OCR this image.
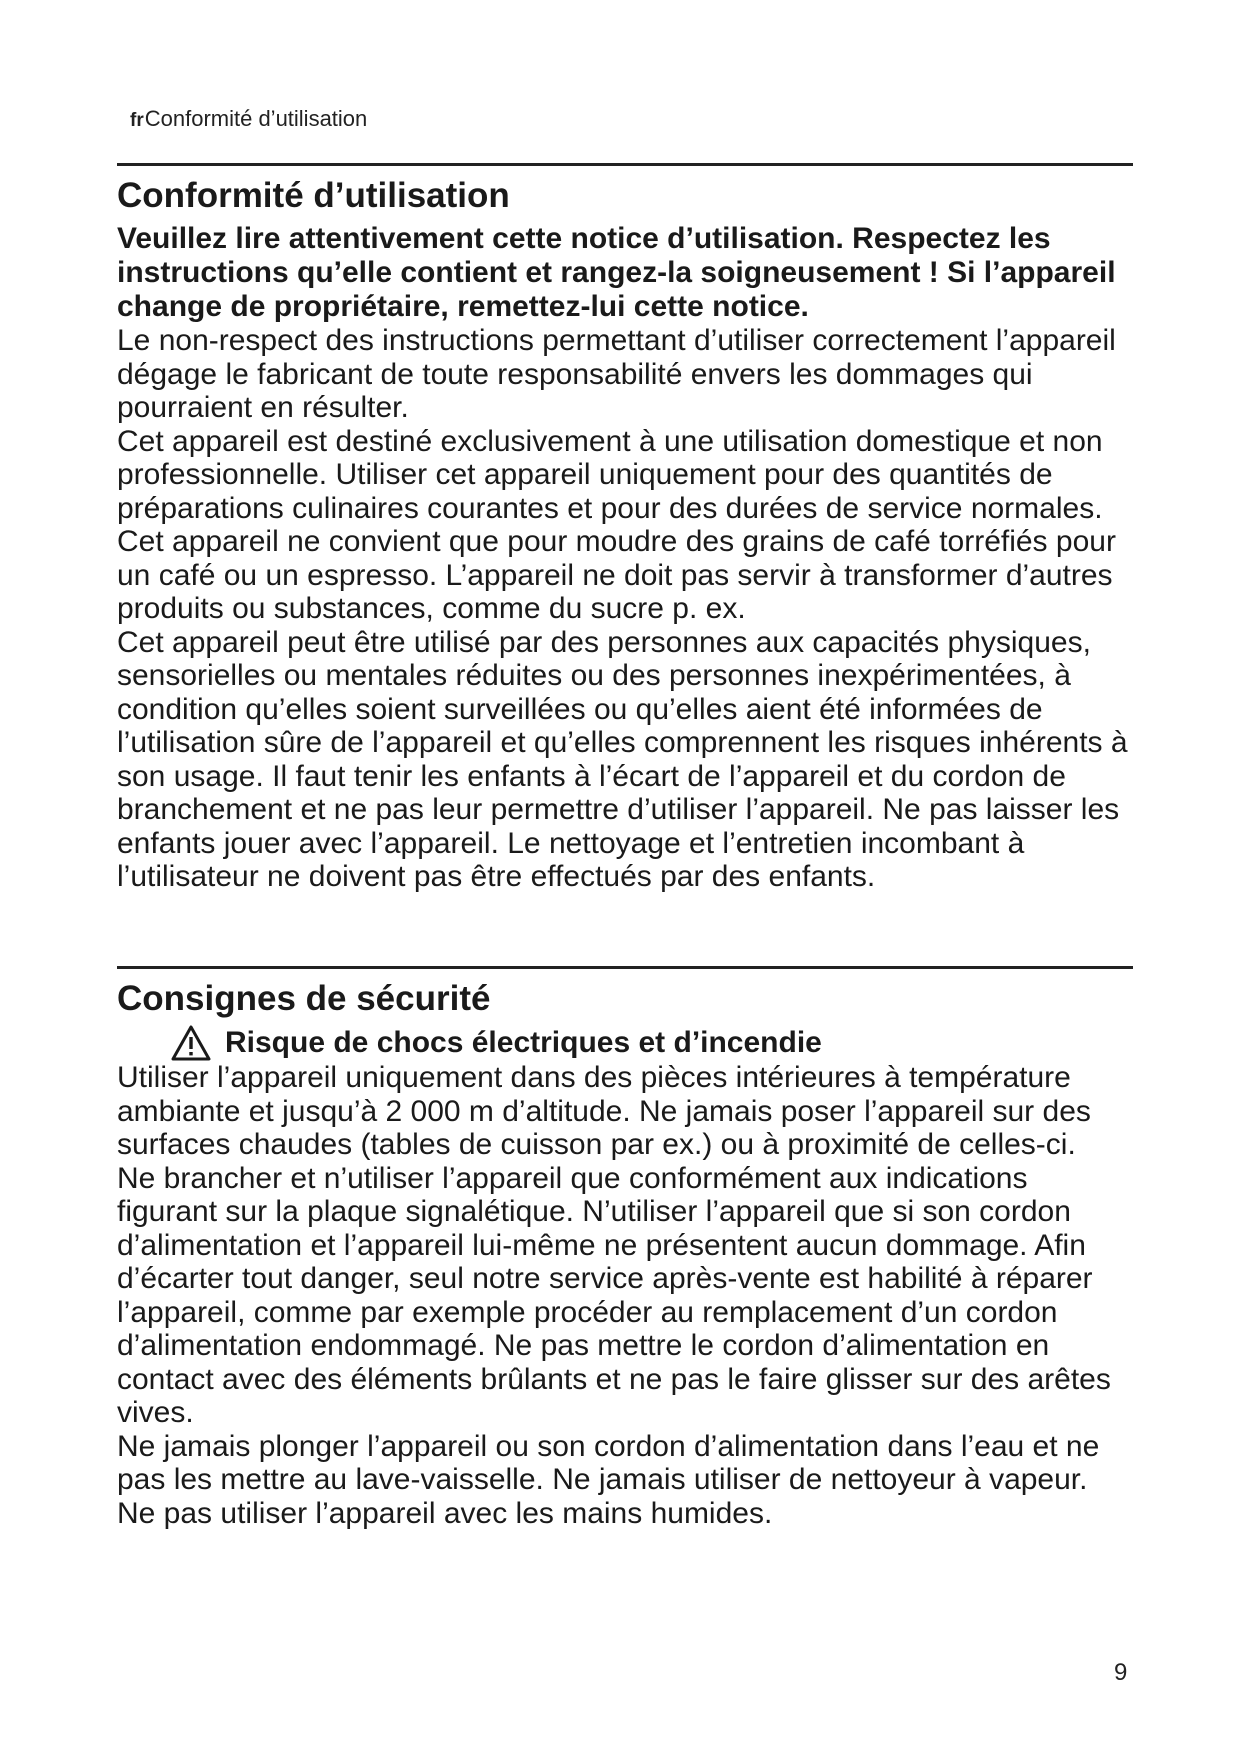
frConformité d’utilisation
Conformité d’utilisation

Veuillez lire attentivement cette notice d’utilisation. Respectez les instructions qu’elle contient et rangez-la soigneusement ! Si l’appareil change de propriétaire, remettez-lui cette notice.

Le non-respect des instructions permettant d’utiliser correctement l’appareil dégage le fabricant de toute responsabilité envers les dommages qui pourraient en résulter.

Cet appareil est destiné exclusivement à une utilisation domestique et non professionnelle. Utiliser cet appareil uniquement pour des quantités de préparations culinaires courantes et pour des durées de service normales.

Cet appareil ne convient que pour moudre des grains de café torréfiés pour un café ou un espresso. L’appareil ne doit pas servir à transformer d’autres produits ou substances, comme du sucre p. ex.

Cet appareil peut être utilisé par des personnes aux capacités physiques, sensorielles ou mentales réduites ou des personnes inexpérimentées, à condition qu’elles soient surveillées ou qu’elles aient été informées de l’utilisation sûre de l’appareil et qu’elles comprennent les risques inhérents à son usage. Il faut tenir les enfants à l’écart de l’appareil et du cordon de branchement et ne pas leur permettre d’utiliser l’appareil. Ne pas laisser les enfants jouer avec l’appareil. Le nettoyage et l’entretien incombant à l’utilisateur ne doivent pas être effectués par des enfants.

Consignes de sécurité
Risque de chocs électriques et d’incendie

Utiliser l’appareil uniquement dans des pièces intérieures à température ambiante et jusqu’à 2 000 m d’altitude. Ne jamais poser l’appareil sur des surfaces chaudes (tables de cuisson par ex.) ou à proximité de celles-ci.

Ne brancher et n’utiliser l’appareil que conformément aux indications figurant sur la plaque signalétique. N’utiliser l’appareil que si son cordon d’alimentation et l’appareil lui-même ne présentent aucun dommage. Afin d’écarter tout danger, seul notre service après-vente est habilité à réparer l’appareil, comme par exemple procéder au remplacement d’un cordon d’alimentation endommagé. Ne pas mettre le cordon d’alimentation en contact avec des éléments brûlants et ne pas le faire glisser sur des arêtes vives.

Ne jamais plonger l’appareil ou son cordon d’alimentation dans l’eau et ne pas les mettre au lave-vaisselle. Ne jamais utiliser de nettoyeur à vapeur. Ne pas utiliser l’appareil avec les mains humides.

9
